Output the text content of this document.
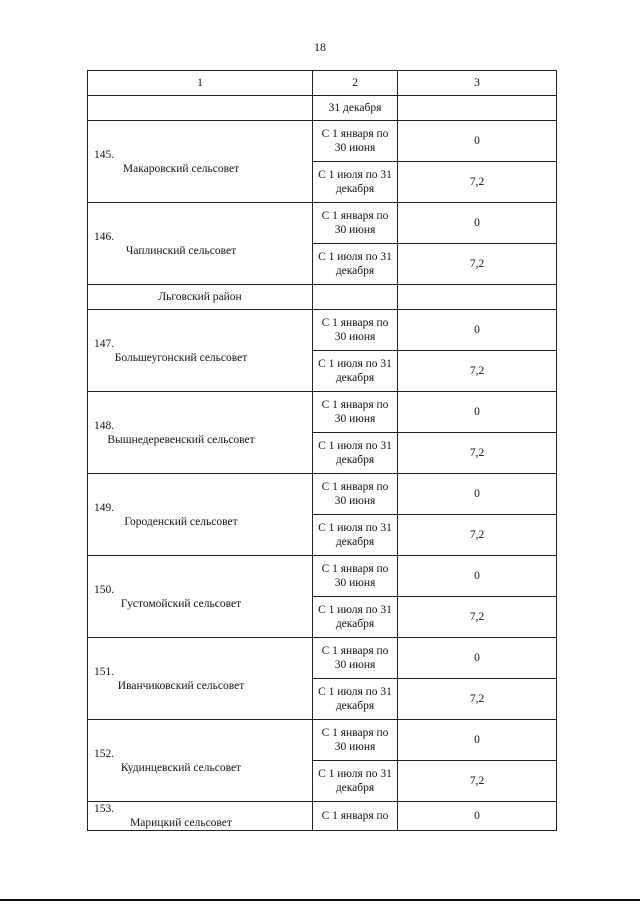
18
1	2	3
	31 декабря	
145.Макаровский сельсовет	С 1 января по 30 июня	0
	С 1 июля по 31 декабря	7,2
146.Чаплинский сельсовет	С 1 января по 30 июня	0
	С 1 июля по 31 декабря	7,2
Льговский район		
147.Большеугонский сельсовет	С 1 января по 30 июня	0
	С 1 июля по 31 декабря	7,2
148.Вышнедеревенский сельсовет	С 1 января по 30 июня	0
	С 1 июля по 31 декабря	7,2
149.Городенский сельсовет	С 1 января по 30 июня	0
	С 1 июля по 31 декабря	7,2
150.Густомойский сельсовет	С 1 января по 30 июня	0
	С 1 июля по 31 декабря	7,2
151.Иванчиковский сельсовет	С 1 января по 30 июня	0
	С 1 июля по 31 декабря	7,2
152.Кудинцевский сельсовет	С 1 января по 30 июня	0
	С 1 июля по 31 декабря	7,2
153.Марицкий сельсовет	С 1 января по	0
